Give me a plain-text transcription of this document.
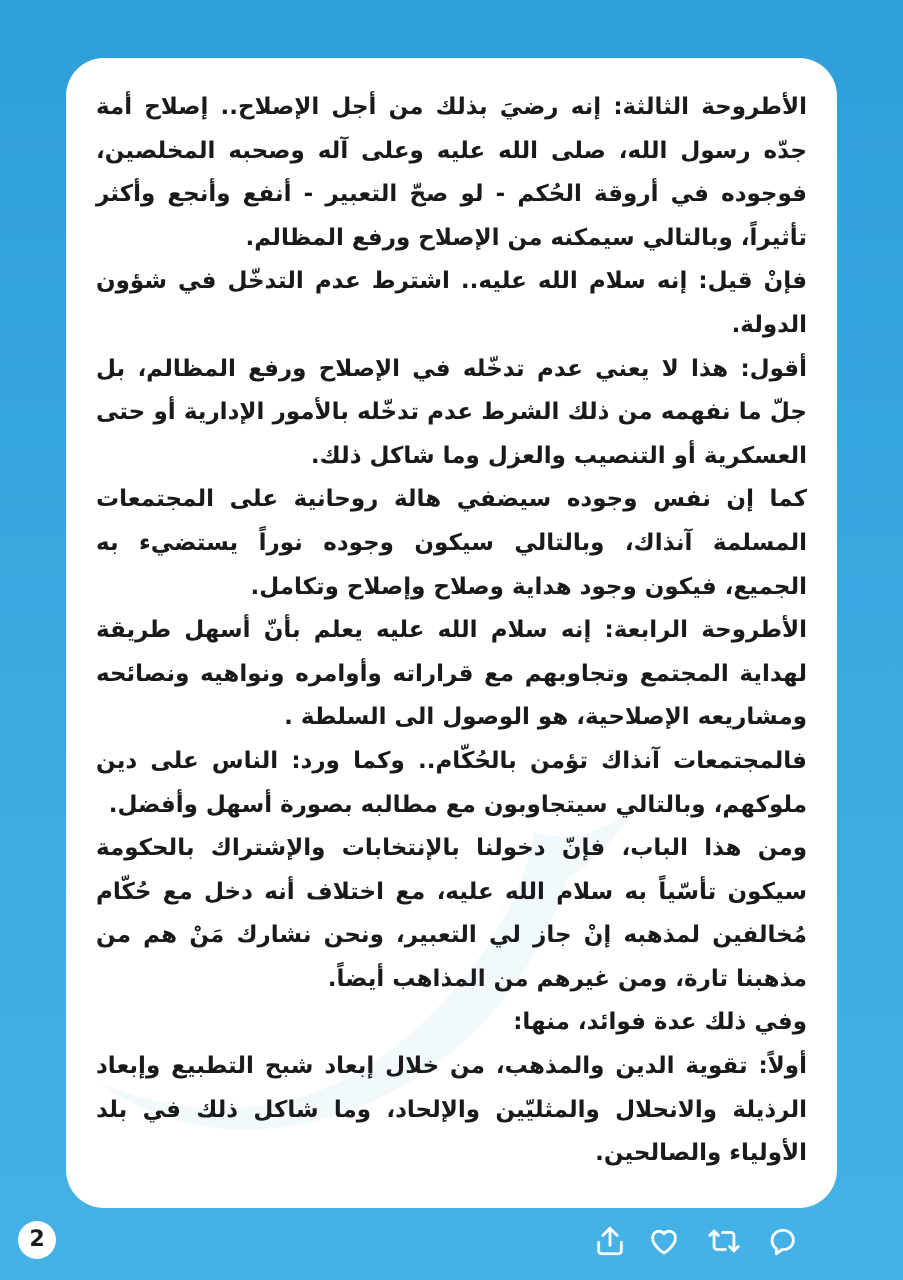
الأطروحة الثالثة: إنه رضيَ بذلك من أجل الإصلاح.. إصلاح أمة جدّه رسول الله، صلى الله عليه وعلى آله وصحبه المخلصين، فوجوده في أروقة الحُكم - لو صحّ التعبير - أنفع وأنجع وأكثر تأثيراً، وبالتالي سيمكنه من الإصلاح ورفع المظالم.

فإنْ قيل: إنه سلام الله عليه.. اشترط عدم التدخّل في شؤون الدولة.

أقول: هذا لا يعني عدم تدخّله في الإصلاح ورفع المظالم، بل جلّ ما نفهمه من ذلك الشرط عدم تدخّله بالأمور الإدارية أو حتى العسكرية أو التنصيب والعزل وما شاكل ذلك.

كما إن نفس وجوده سيضفي هالة روحانية على المجتمعات المسلمة آنذاك، وبالتالي سيكون وجوده نوراً يستضيء به الجميع، فيكون وجود هداية وصلاح وإصلاح وتكامل.

الأطروحة الرابعة: إنه سلام الله عليه يعلم بأنّ أسهل طريقة لهداية المجتمع وتجاوبهم مع قراراته وأوامره ونواهيه ونصائحه ومشاريعه الإصلاحية، هو الوصول الى السلطة .

فالمجتمعات آنذاك تؤمن بالحُكّام.. وكما ورد: الناس على دين ملوكهم، وبالتالي سيتجاوبون مع مطالبه بصورة أسهل وأفضل.

ومن هذا الباب، فإنّ دخولنا بالإنتخابات والإشتراك بالحكومة سيكون تأسّياً به سلام الله عليه، مع اختلاف أنه دخل مع حُكّام مُخالفين لمذهبه إنْ جاز لي التعبير، ونحن نشارك مَنْ هم من مذهبنا تارة، ومن غيرهم من المذاهب أيضاً.

وفي ذلك عدة فوائد، منها:

أولاً: تقوية الدين والمذهب، من خلال إبعاد شبح التطبيع وإبعاد الرذيلة والانحلال والمثليّين والإلحاد، وما شاكل ذلك في بلد الأولياء والصالحين.

2
